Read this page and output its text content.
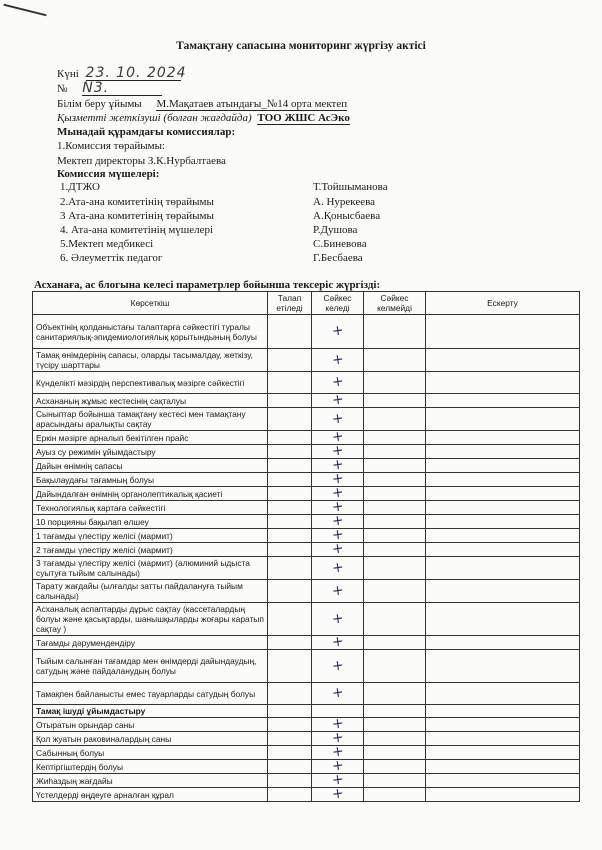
Тамақтану сапасына мониторинг жүргізу актісі
Күні 23. 10. 2024
№ N3.
Білім беру ұйымы М.Мақатаев атындағы_№14 орта мектеп
Қызметті жеткізуші (болған жағдайда) ТОО ЖШС АсЭко
Мынадай құрамдағы комиссиялар:
1.Комиссия төрайымы:
Мектеп директоры З.К.Нурбалтаева
Комиссия мүшелері:
1.ДТЖО	Т.Тойшыманова
2.Ата-ана комитетінің төрайымы	А. Нурекеева
3 Ата-ана комитетінің төрайымы	А.Қонысбаева
4. Ата-ана комитетінің мүшелері	Р.Душова
5.Мектеп медбикесі	С.Биневова
6. Әлеуметтік педагог	Г.Бесбаева
Асханаға, ас блогына келесі параметрлер бойынша тексеріс жүргізді:
Көрсеткіш	Талап етіледі	Сәйкес келеді	Сәйкес келмейді	Ескерту
Объектінің қолданыстағы талаптарға сәйкестігі туралы санитариялық-эпидемиологиялық қорытындының болуы		+		
Тамақ өнімдерінің сапасы, оларды тасымалдау, жеткізу, түсіру шарттары		+		
Күнделікті мәзірдің перспективалық мәзірге сәйкестігі		+		
Асхананың жұмыс кестесінің сақталуы		+		
Сыныптар бойынша тамақтану кестесі мен тамақтану арасындағы аралықты сақтау		+		
Еркін мәзірге арналып бекітілген прайс		+		
Ауыз су режимін ұйымдастыру		+		
Дайын өнімнің сапасы		+		
Бақылаудағы тағамның болуы		+		
Дайындалған өнімнің органолептикалық қасиеті		+		
Технологиялық картаға сәйкестігі		+		
10 порцияны бақылап өлшеу		+		
1 тағамды үлестіру желісі (мармит)		+		
2 тағамды үлестіру желісі (мармит)		+		
3 тағамды үлестіру желісі (мармит) (алюминий ыдыста суытуға тыйым салынады)		+		
Тарату жағдайы (ылғалды затты пайдалануға тыйым салынады)		+		
Асханалық аспаптарды дұрыс сақтау (кассеталардың болуы және қасықтарды, шанышқыларды жоғары каратып сақтау )		+		
Тағамды дәрумендендіру		+		
Тыйым салынған тағамдар мен өнімдерді дайындаудың, сатудың және пайдаланудың болуы		+		
Тамақпен байланысты емес тауарларды сатудың болуы		+		
Тамақ ішуді ұйымдастыру				
Отыратын орындар саны		+		
Қол жуатын раковиналардың саны		+		
Сабынның болуы		+		
Кептіргіштердің болуы		+		
Жиhаздың жағдайы		+		
Үстелдерді өңдеуге арналған құрал		+		
